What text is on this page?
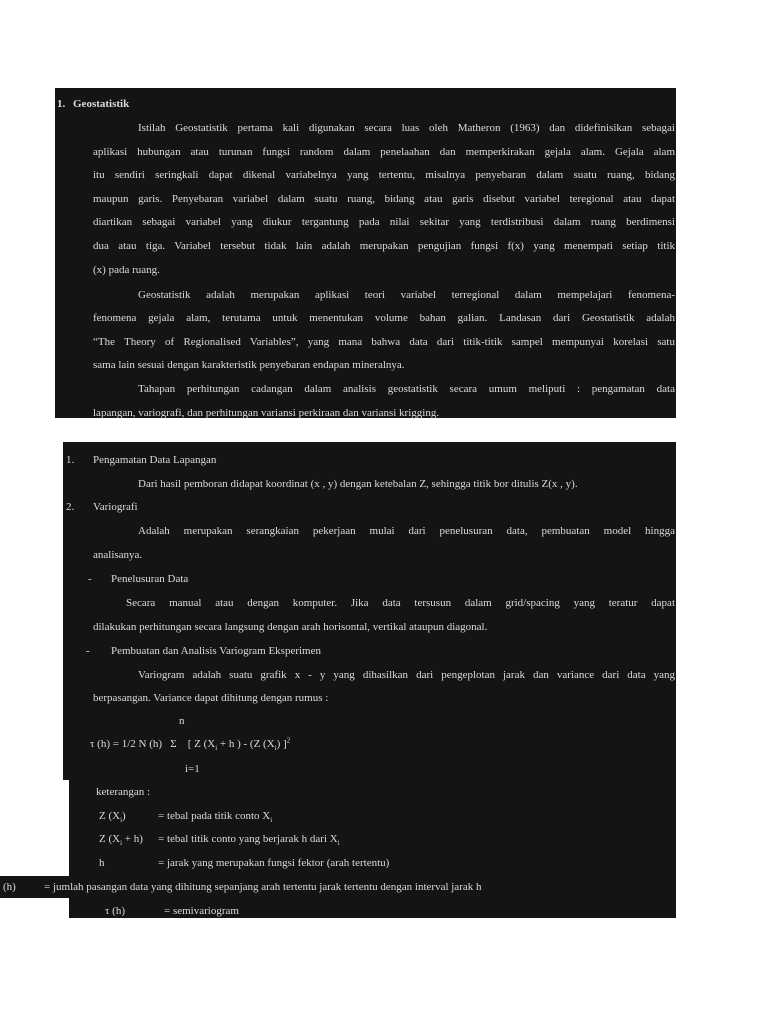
1. Geostatistik
Istilah Geostatistik pertama kali digunakan secara luas oleh Matheron (1963) dan didefinisikan sebagai
aplikasi hubungan atau turunan fungsi random dalam penelaahan dan memperkirakan gejala alam. Gejala alam
itu sendiri seringkali dapat dikenal variabelnya yang tertentu, misalnya penyebaran dalam suatu ruang, bidang
maupun garis. Penyebaran variabel dalam suatu ruang, bidang atau garis disebut variabel teregional atau dapat
diartikan sebagai variabel yang diukur tergantung pada nilai sekitar yang terdistribusi dalam ruang berdimensi
dua atau tiga. Variabel tersebut tidak lain adalah merupakan pengujian fungsi f(x) yang menempati setiap titik
(x) pada ruang.
Geostatistik adalah merupakan aplikasi teori variabel terregional dalam mempelajari fenomena-
fenomena gejala alam, terutama untuk menentukan volume bahan galian. Landasan dari Geostatistik adalah
“The Theory of Regionalised Variables”, yang mana bahwa data dari titik-titik sampel mempunyai korelasi satu
sama lain sesuai dengan karakteristik penyebaran endapan mineralnya.
Tahapan perhitungan cadangan dalam analisis geostatistik secara umum meliputi : pengamatan data
lapangan, variografi, dan perhitungan variansi perkiraan dan variansi krigging.
1. Pengamatan Data Lapangan
Dari hasil pemboran didapat koordinat (x , y) dengan ketebalan Z, sehingga titik bor ditulis Z(x , y).
2. Variografi
Adalah merupakan serangkaian pekerjaan mulai dari penelusuran data, pembuatan model hingga
analisanya.
- Penelusuran Data
Secara manual atau dengan komputer. Jika data tersusun dalam grid/spacing yang teratur dapat
dilakukan perhitungan secara langsung dengan arah horisontal, vertikal ataupun diagonal.
- Pembuatan dan Analisis Variogram Eksperimen
Variogram adalah suatu grafik x - y yang dihasilkan dari pengeplotan jarak dan variance dari data yang
berpasangan. Variance dapat dihitung dengan rumus :
n
τ (h) = 1/2 N (h) Σ [ Z ($X_i + h$ ) - (Z $(X_i)$ ]$^2$
i=1
keterangan :
Z $(X_i)$	= tebal pada titik conto $X_i$
Z $(X_i + h)$ = tebal titik conto yang berjarak h dari $X_i$
h	= jarak yang merupakan fungsi fektor (arah tertentu)
(h)	= jumlah pasangan data yang dihitung sepanjang arah tertentu jarak tertentu dengan interval jarak h
τ (h)	= semivariogram
